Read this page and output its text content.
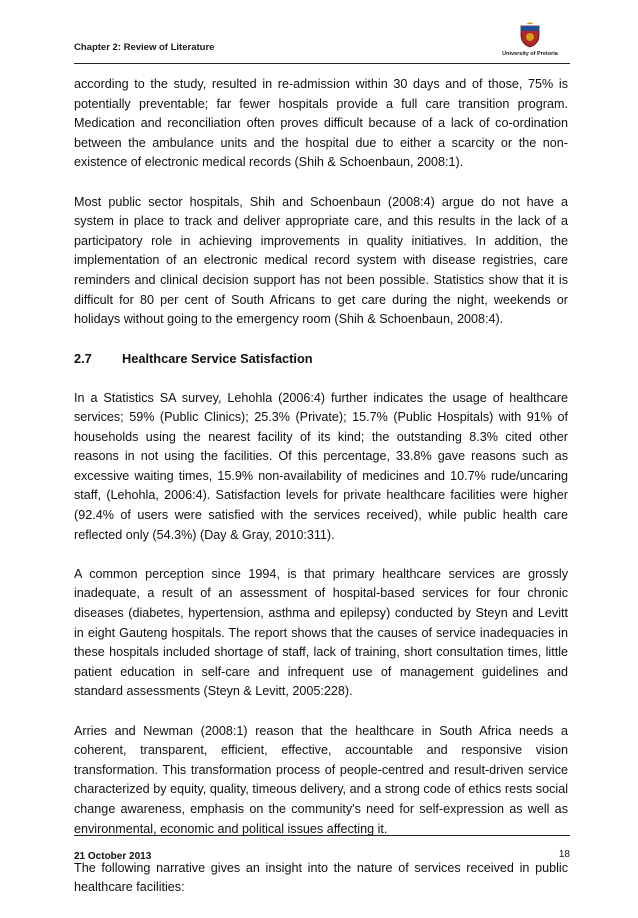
Chapter 2: Review of Literature
University of Pretoria

according to the study, resulted in re-admission within 30 days and of those, 75% is potentially preventable; far fewer hospitals provide a full care transition program. Medication and reconciliation often proves difficult because of a lack of co-ordination between the ambulance units and the hospital due to either a scarcity or the non-existence of electronic medical records (Shih & Schoenbaun, 2008:1).

Most public sector hospitals, Shih and Schoenbaun (2008:4) argue do not have a system in place to track and deliver appropriate care, and this results in the lack of a participatory role in achieving improvements in quality initiatives. In addition, the implementation of an electronic medical record system with disease registries, care reminders and clinical decision support has not been possible. Statistics show that it is difficult for 80 per cent of South Africans to get care during the night, weekends or holidays without going to the emergency room (Shih & Schoenbaun, 2008:4).

2.7 Healthcare Service Satisfaction

In a Statistics SA survey, Lehohla (2006:4) further indicates the usage of healthcare services; 59% (Public Clinics); 25.3% (Private); 15.7% (Public Hospitals) with 91% of households using the nearest facility of its kind; the outstanding 8.3% cited other reasons in not using the facilities. Of this percentage, 33.8% gave reasons such as excessive waiting times, 15.9% non-availability of medicines and 10.7% rude/uncaring staff, (Lehohla, 2006:4). Satisfaction levels for private healthcare facilities were higher (92.4% of users were satisfied with the services received), while public health care reflected only (54.3%) (Day & Gray, 2010:311).

A common perception since 1994, is that primary healthcare services are grossly inadequate, a result of an assessment of hospital-based services for four chronic diseases (diabetes, hypertension, asthma and epilepsy) conducted by Steyn and Levitt in eight Gauteng hospitals. The report shows that the causes of service inadequacies in these hospitals included shortage of staff, lack of training, short consultation times, little patient education in self-care and infrequent use of management guidelines and standard assessments (Steyn & Levitt, 2005:228).

Arries and Newman (2008:1) reason that the healthcare in South Africa needs a coherent, transparent, efficient, effective, accountable and responsive vision transformation. This transformation process of people-centred and result-driven service characterized by equity, quality, timeous delivery, and a strong code of ethics rests social change awareness, emphasis on the community's need for self-expression as well as environmental, economic and political issues affecting it.

The following narrative gives an insight into the nature of services received in public healthcare facilities:

21 October 2013	18
